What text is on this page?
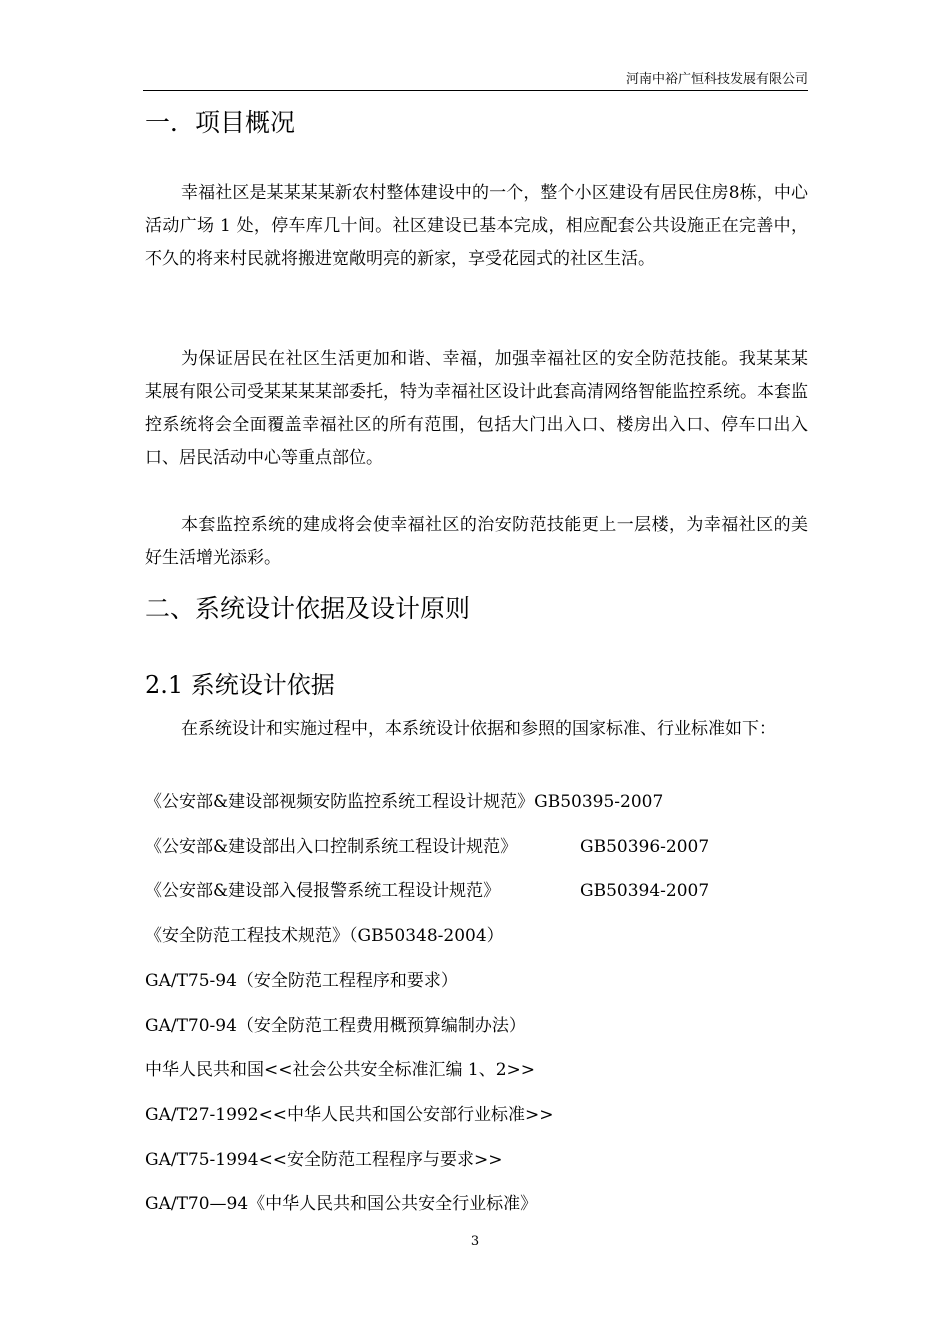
河南中裕广恒科技发展有限公司
一．项目概况
幸福社区是某某某某新农村整体建设中的一个，整个小区建设有居民住房8栋，中心活动广场 1 处，停车库几十间。社区建设已基本完成，相应配套公共设施正在完善中，不久的将来村民就将搬进宽敞明亮的新家，享受花园式的社区生活。
为保证居民在社区生活更加和谐、幸福，加强幸福社区的安全防范技能。我某某某某展有限公司受某某某某部委托，特为幸福社区设计此套高清网络智能监控系统。本套监控系统将会全面覆盖幸福社区的所有范围，包括大门出入口、楼房出入口、停车口出入口、居民活动中心等重点部位。
本套监控系统的建成将会使幸福社区的治安防范技能更上一层楼，为幸福社区的美好生活增光添彩。
二、系统设计依据及设计原则
2.1 系统设计依据
在系统设计和实施过程中，本系统设计依据和参照的国家标准、行业标准如下：
《公安部&建设部视频安防监控系统工程设计规范》GB50395-2007
《公安部&建设部出入口控制系统工程设计规范》	GB50396-2007
《公安部&建设部入侵报警系统工程设计规范》	GB50394-2007
《安全防范工程技术规范》（GB50348-2004）
GA/T75-94（安全防范工程程序和要求）
GA/T70-94（安全防范工程费用概预算编制办法）
中华人民共和国<<社会公共安全标准汇编 1、2>>
GA/T27-1992<<中华人民共和国公安部行业标准>>
GA/T75-1994<<安全防范工程程序与要求>>
GA/T70—94《中华人民共和国公共安全行业标准》
3
